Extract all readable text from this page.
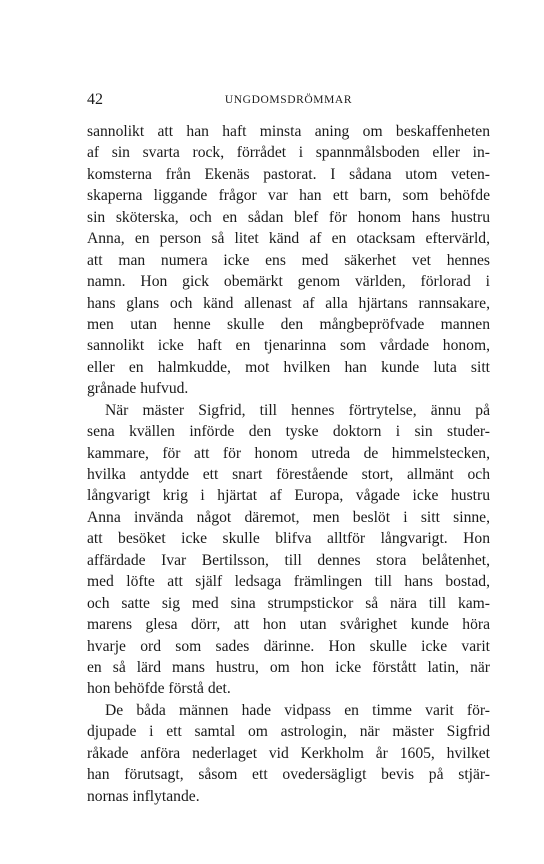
42	UNGDOMSDRÖMMAR
sannolikt att han haft minsta aning om beskaffenheten
af sin svarta rock, förrådet i spannmålsboden eller in-
komsterna från Ekenäs pastorat. I sådana utom veten-
skaperna liggande frågor var han ett barn, som behöfde
sin sköterska, och en sådan blef för honom hans hustru
Anna, en person så litet känd af en otacksam eftervärld,
att man numera icke ens med säkerhet vet hennes
namn. Hon gick obemärkt genom världen, förlorad i
hans glans och känd allenast af alla hjärtans rannsakare,
men utan henne skulle den mångbepröfvade mannen
sannolikt icke haft en tjenarinna som vårdade honom,
eller en halmkudde, mot hvilken han kunde luta sitt
grånade hufvud.
När mäster Sigfrid, till hennes förtrytelse, ännu på
sena kvällen införde den tyske doktorn i sin studer-
kammare, för att för honom utreda de himmelstecken,
hvilka antydde ett snart förestående stort, allmänt och
långvarigt krig i hjärtat af Europa, vågade icke hustru
Anna invända något däremot, men beslöt i sitt sinne,
att besöket icke skulle blifva alltför långvarigt. Hon
affärdade Ivar Bertilsson, till dennes stora belåtenhet,
med löfte att själf ledsaga främlingen till hans bostad,
och satte sig med sina strumpstickor så nära till kam-
marens glesa dörr, att hon utan svårighet kunde höra
hvarje ord som sades därinne. Hon skulle icke varit
en så lärd mans hustru, om hon icke förstått latin, när
hon behöfde förstå det.
De båda männen hade vidpass en timme varit för-
djupade i ett samtal om astrologin, när mäster Sigfrid
råkade anföra nederlaget vid Kerkholm år 1605, hvilket
han förutsagt, såsom ett ovedersägligt bevis på stjär-
nornas inflytande.
